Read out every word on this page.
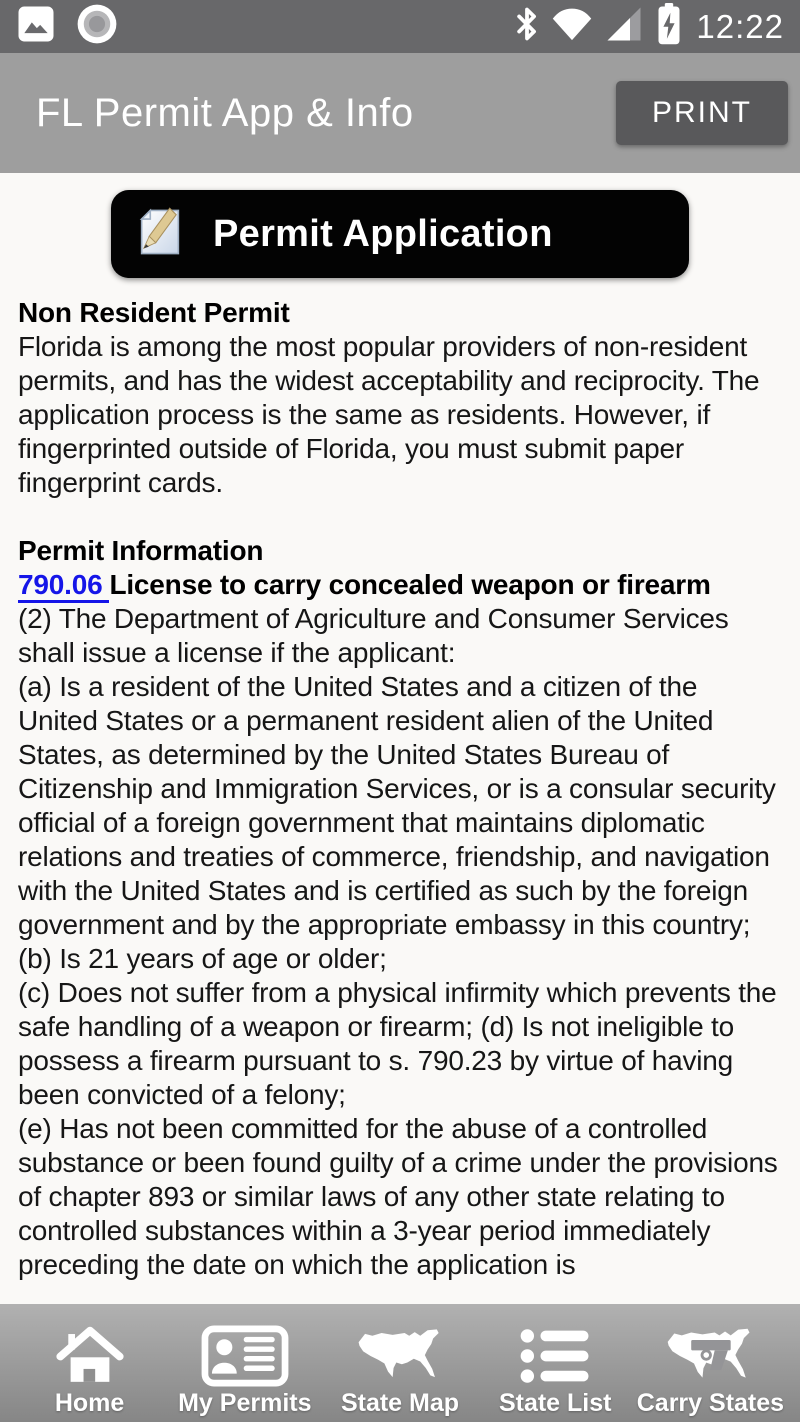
12:22
FL Permit App & Info	PRINT
Permit Application
Non Resident Permit
Florida is among the most popular providers of non-resident permits, and has the widest acceptability and reciprocity. The application process is the same as residents. However, if fingerprinted outside of Florida, you must submit paper fingerprint cards.
Permit Information
790.06 License to carry concealed weapon or firearm
(2) The Department of Agriculture and Consumer Services shall issue a license if the applicant:
(a) Is a resident of the United States and a citizen of the United States or a permanent resident alien of the United States, as determined by the United States Bureau of Citizenship and Immigration Services, or is a consular security official of a foreign government that maintains diplomatic relations and treaties of commerce, friendship, and navigation with the United States and is certified as such by the foreign government and by the appropriate embassy in this country;
(b) Is 21 years of age or older;
(c) Does not suffer from a physical infirmity which prevents the safe handling of a weapon or firearm; (d) Is not ineligible to possess a firearm pursuant to s. 790.23 by virtue of having been convicted of a felony;
(e) Has not been committed for the abuse of a controlled substance or been found guilty of a crime under the provisions of chapter 893 or similar laws of any other state relating to controlled substances within a 3-year period immediately preceding the date on which the application is
Home My Permits State Map State List Carry States
